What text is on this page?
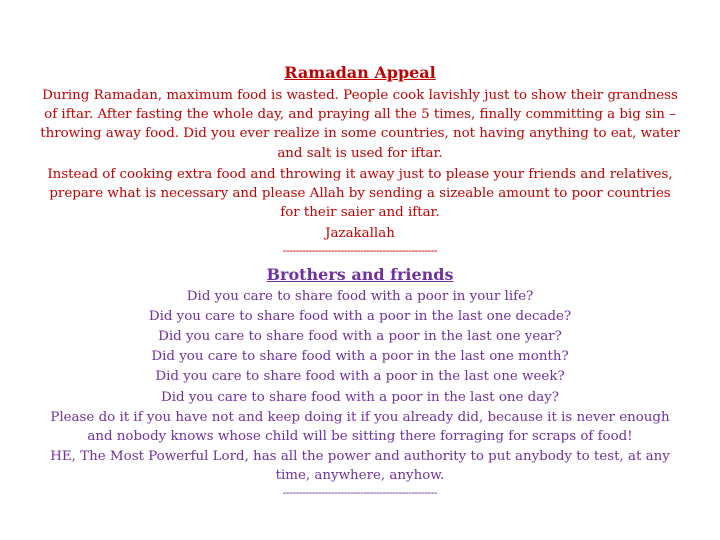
Ramadan Appeal
During Ramadan, maximum food is wasted. People cook lavishly just to show their grandness of iftar. After fasting the whole day, and praying all the 5 times, finally committing a big sin – throwing away food. Did you ever realize in some countries, not having anything to eat, water and salt is used for iftar.
Instead of cooking extra food and throwing it away just to please your friends and relatives, prepare what is necessary and please Allah by sending a sizeable amount to poor countries for their saier and iftar.
Jazakallah
------------------------------------------------
Brothers and friends
Did you care to share food with a poor in your life?
Did you care to share food with a poor in the last one decade?
Did you care to share food with a poor in the last one year?
Did you care to share food with a poor in the last one month?
Did you care to share food with a poor in the last one week?
Did you care to share food with a poor in the last one day?
Please do it if you have not and keep doing it if you already did, because it is never enough and nobody knows whose child will be sitting there forraging for scraps of food!
HE, The Most Powerful Lord, has all the power and authority to put anybody to test, at any time, anywhere, anyhow.
------------------------------------------------
